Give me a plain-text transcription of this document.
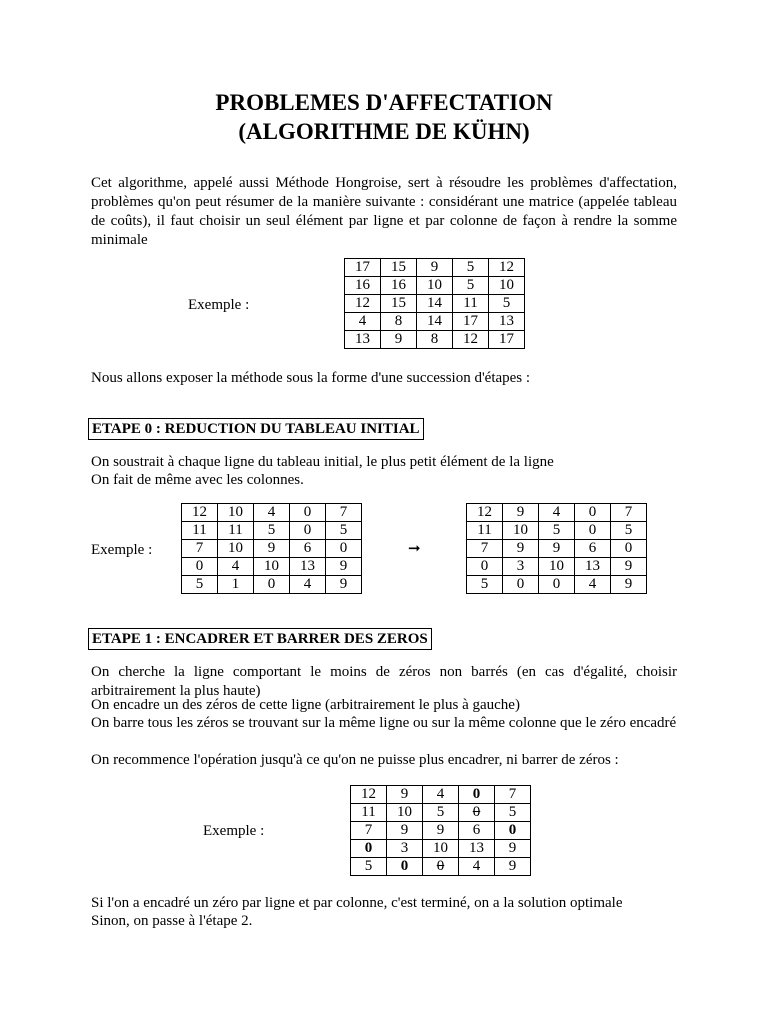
PROBLEMES D'AFFECTATION
(ALGORITHME DE KÜHN)

Cet algorithme, appelé aussi Méthode Hongroise, sert à résoudre les problèmes d'affectation, problèmes qu'on peut résumer de la manière suivante : considérant une matrice (appelée tableau de coûts), il faut choisir un seul élément par ligne et par colonne de façon à rendre la somme minimale

Exemple :
17	15	9	5	12
16	16	10	5	10
12	15	14	11	5
4	8	14	17	13
13	9	8	12	17

Nous allons exposer la méthode sous la forme d'une succession d'étapes :

ETAPE 0 : REDUCTION DU TABLEAU INITIAL

On soustrait à chaque ligne du tableau initial, le plus petit élément de la ligne

On fait de même avec les colonnes.

Exemple :
12	10	4	0	7
11	11	5	0	5
7	10	9	6	0
0	4	10	13	9
5	1	0	4	9
➞
12	9	4	0	7
11	10	5	0	5
7	9	9	6	0
0	3	10	13	9
5	0	0	4	9
ETAPE 1 : ENCADRER ET BARRER DES ZEROS

On cherche la ligne comportant le moins de zéros non barrés (en cas d'égalité, choisir arbitrairement la plus haute)

On encadre un des zéros de cette ligne (arbitrairement le plus à gauche)

On barre tous les zéros se trouvant sur la même ligne ou sur la même colonne que le zéro encadré

On recommence l'opération jusqu'à ce qu'on ne puisse plus encadrer, ni barrer de zéros :

Exemple :
12	9	4	0	7
11	10	5	0	5
7	9	9	6	0
0	3	10	13	9
5	0	0	4	9

Si l'on a encadré un zéro par ligne et par colonne, c'est terminé, on a la solution optimale

Sinon, on passe à l'étape 2.
